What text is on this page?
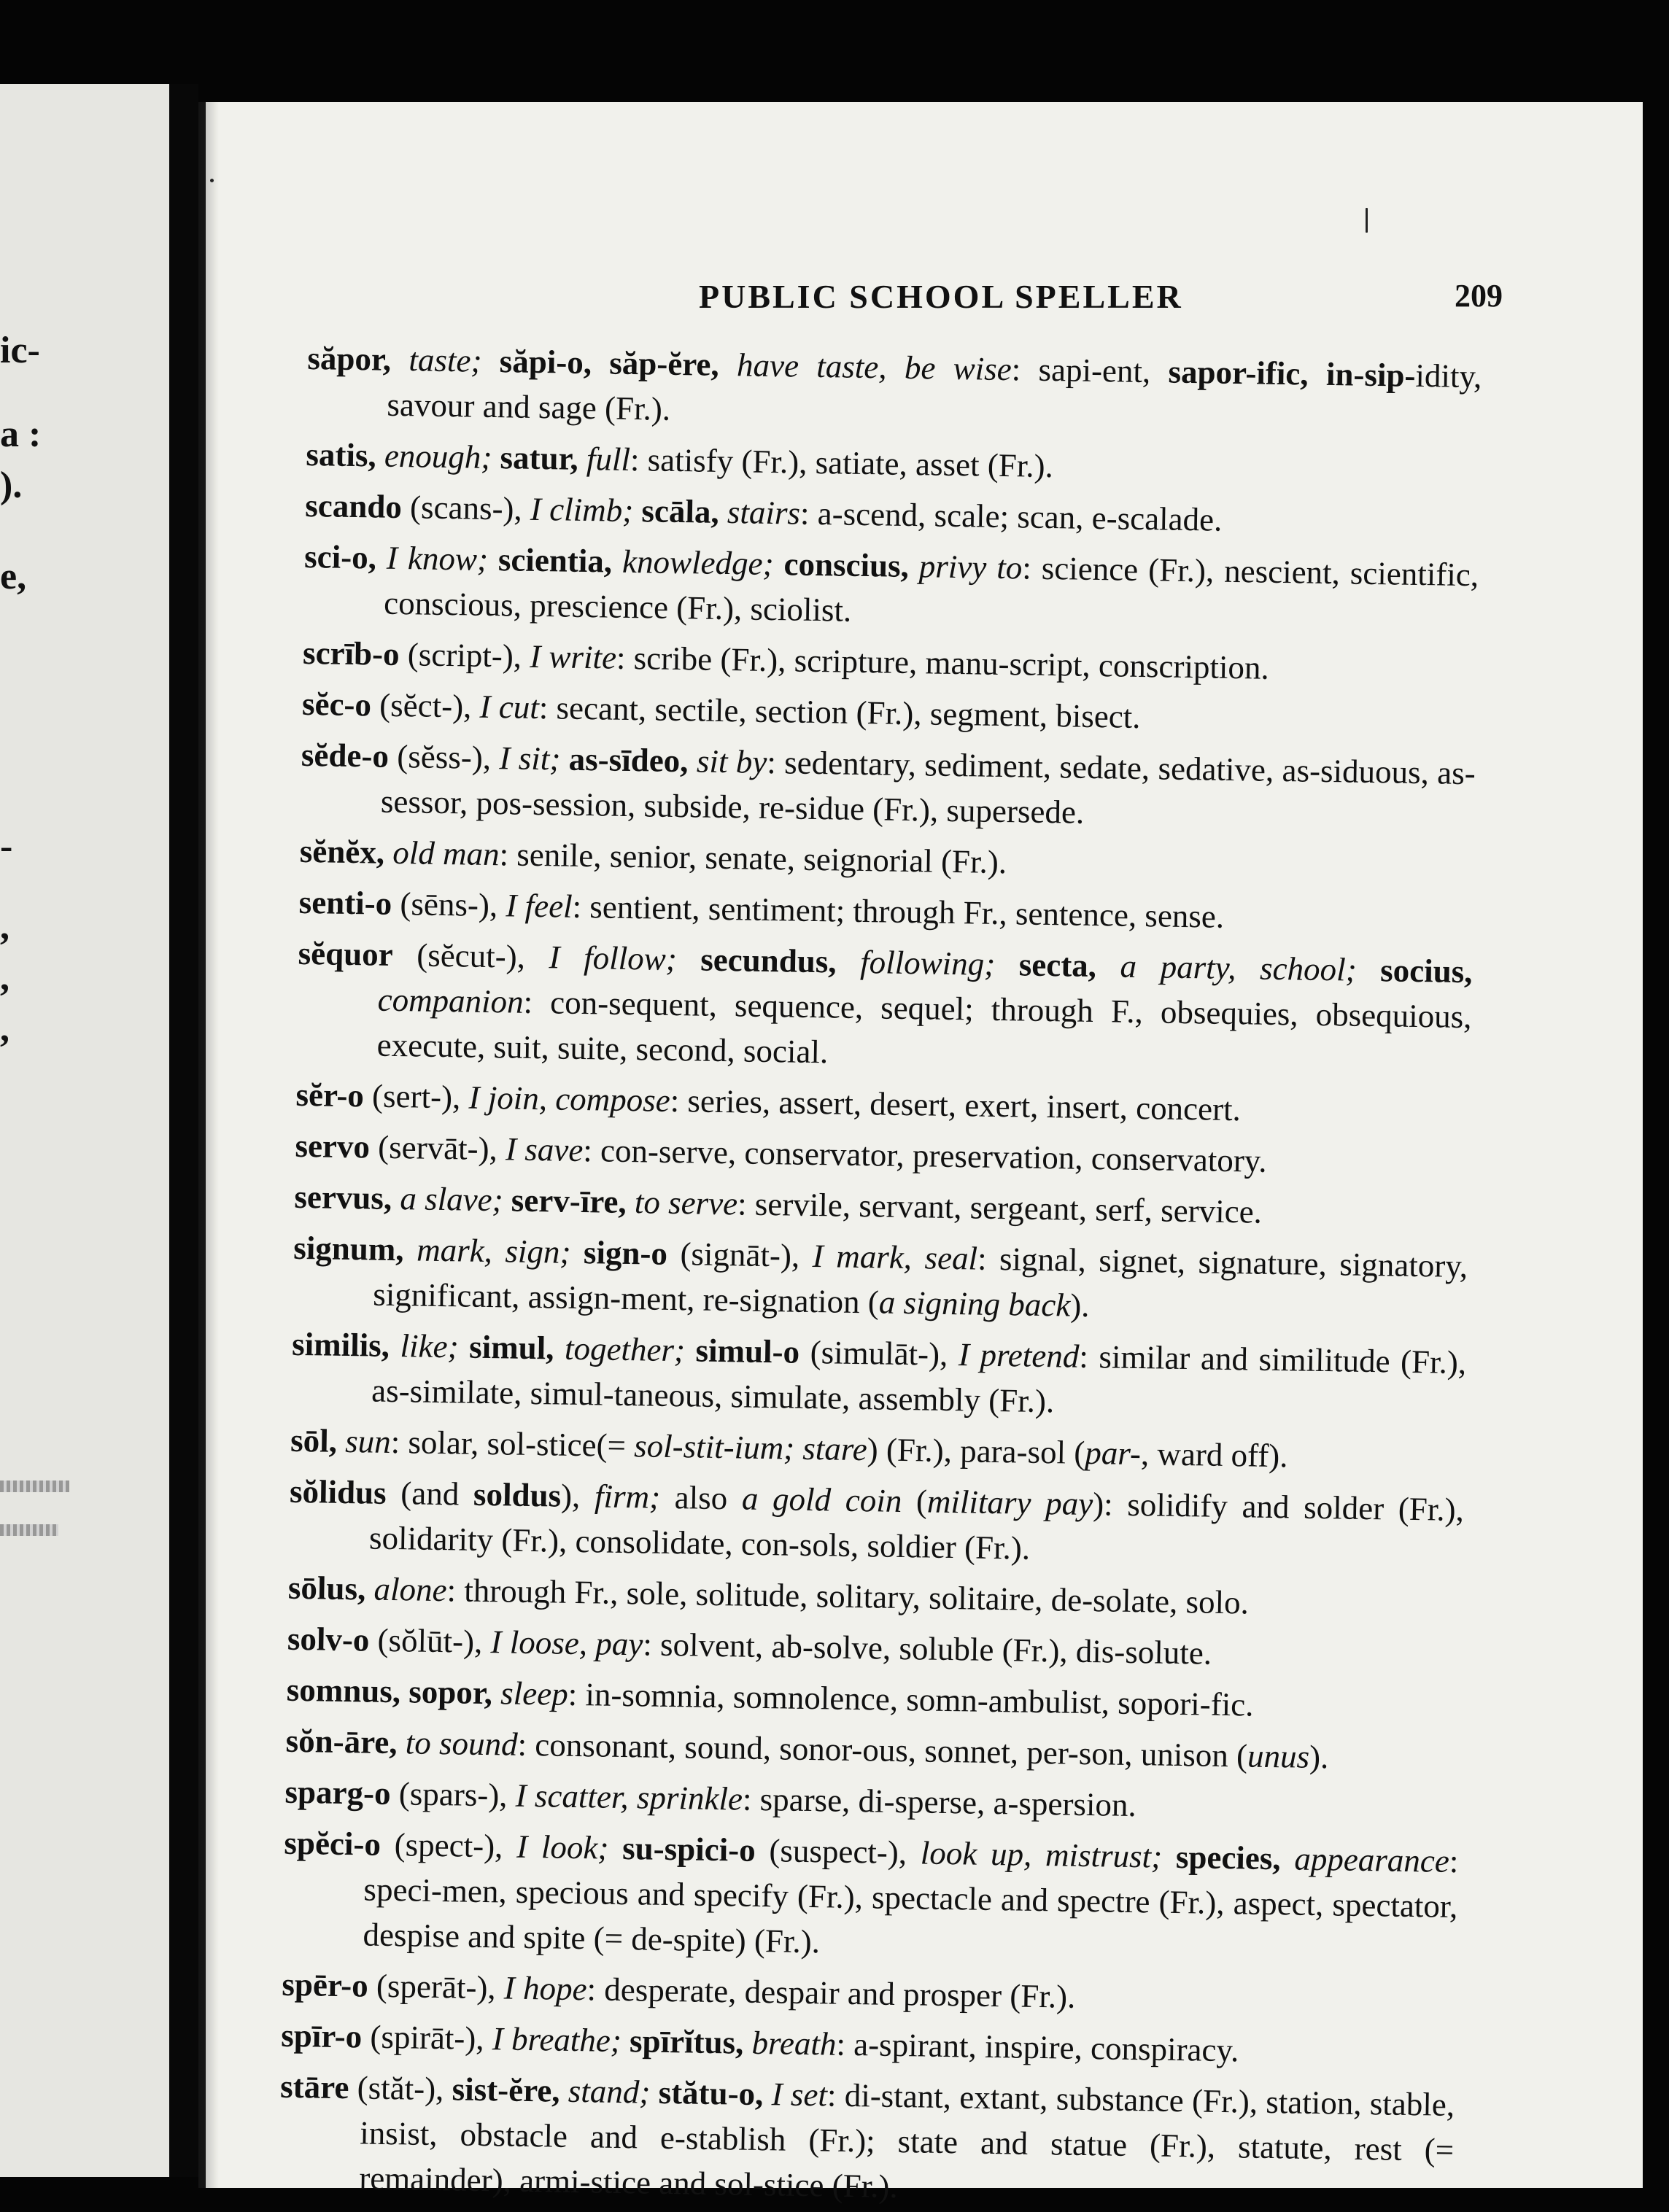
ic-
a :
).
e,
-
,
,
,
PUBLIC SCHOOL SPELLER	209

săpor, taste; săpi-o, săp-ĕre, have taste, be wise: sapi-ent, sapor-ific, in-sip-idity, savour and sage (Fr.).

satis, enough; satur, full: satisfy (Fr.), satiate, asset (Fr.).

scando (scans-), I climb; scāla, stairs: a-scend, scale; scan, e-scalade.

sci-o, I know; scientia, knowledge; conscius, privy to: science (Fr.), nescient, scientific, conscious, prescience (Fr.), sciolist.

scrīb-o (script-), I write: scribe (Fr.), scripture, manu-script, conscription.

sĕc-o (sĕct-), I cut: secant, sectile, section (Fr.), segment, bisect.

sĕde-o (sĕss-), I sit; as-sīdeo, sit by: sedentary, sediment, sedate, sedative, as-siduous, as-sessor, pos-session, subside, re-sidue (Fr.), supersede.

sĕnĕx, old man: senile, senior, senate, seignorial (Fr.).

senti-o (sēns-), I feel: sentient, sentiment; through Fr., sentence, sense.

sĕquor (sĕcut-), I follow; secundus, following; secta, a party, school; socius, companion: con-sequent, sequence, sequel; through F., obsequies, obsequious, execute, suit, suite, second, social.

sĕr-o (sert-), I join, compose: series, assert, desert, exert, insert, concert.

servo (servāt-), I save: con-serve, conservator, preservation, conservatory.

servus, a slave; serv-īre, to serve: servile, servant, sergeant, serf, service.

signum, mark, sign; sign-o (signāt-), I mark, seal: signal, signet, signature, signatory, significant, assign-ment, re-signation (a signing back).

similis, like; simul, together; simul-o (simulāt-), I pretend: similar and similitude (Fr.), as-similate, simul-taneous, simulate, assembly (Fr.).

sōl, sun: solar, sol-stice(= sol-stit-ium; stare) (Fr.), para-sol (par-, ward off).

sŏlidus (and soldus), firm; also a gold coin (military pay): solidify and solder (Fr.), solidarity (Fr.), consolidate, con-sols, soldier (Fr.).

sōlus, alone: through Fr., sole, solitude, solitary, solitaire, de-solate, solo.

solv-o (sŏlūt-), I loose, pay: solvent, ab-solve, soluble (Fr.), dis-solute.

somnus, sopor, sleep: in-somnia, somnolence, somn-ambulist, sopori-fic.

sŏn-āre, to sound: consonant, sound, sonor-ous, sonnet, per-son, unison (unus).

sparg-o (spars-), I scatter, sprinkle: sparse, di-sperse, a-spersion.

spĕci-o (spect-), I look; su-spici-o (suspect-), look up, mistrust; species, appearance: speci-men, specious and specify (Fr.), spectacle and spectre (Fr.), aspect, spectator, despise and spite (= de-spite) (Fr.).

spēr-o (sperāt-), I hope: desperate, despair and prosper (Fr.).

spīr-o (spirāt-), I breathe; spīrĭtus, breath: a-spirant, inspire, conspiracy.

stāre (stăt-), sist-ĕre, stand; stătu-o, I set: di-stant, extant, substance (Fr.), station, stable, insist, obstacle and e-stablish (Fr.); state and statue (Fr.), statute, rest (= remainder), armi-stice and sol-stice (Fr.).
